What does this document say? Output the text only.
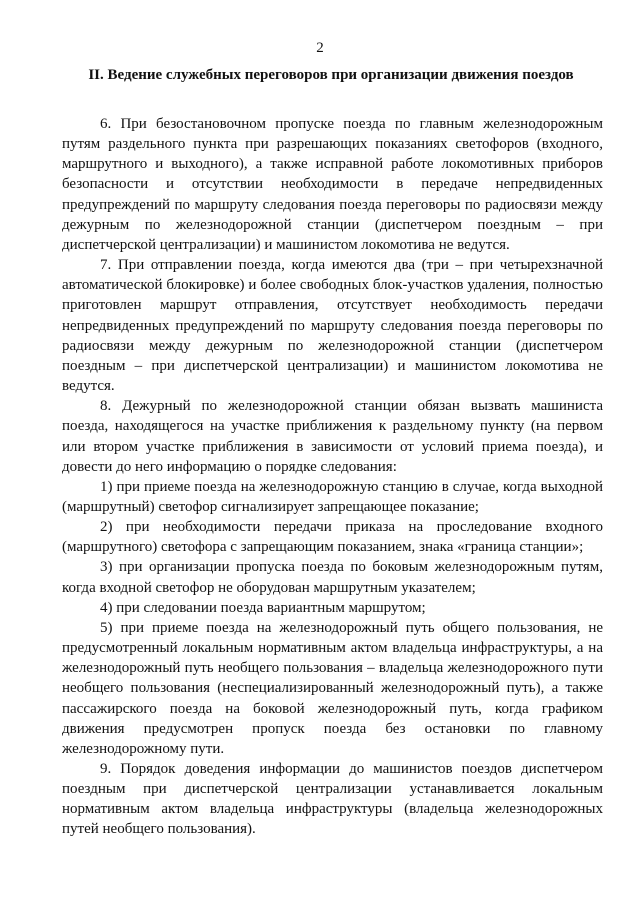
2
II. Ведение служебных переговоров при организации движения поездов

6. При безостановочном пропуске поезда по главным железнодорожным путям раздельного пункта при разрешающих показаниях светофоров (входного, маршрутного и выходного), а также исправной работе локомотивных приборов безопасности и отсутствии необходимости в передаче непредвиденных предупреждений по маршруту следования поезда переговоры по радиосвязи между дежурным по железнодорожной станции (диспетчером поездным – при диспетчерской централизации) и машинистом локомотива не ведутся.

7. При отправлении поезда, когда имеются два (три – при четырехзначной автоматической блокировке) и более свободных блок-участков удаления, полностью приготовлен маршрут отправления, отсутствует необходимость передачи непредвиденных предупреждений по маршруту следования поезда переговоры по радиосвязи между дежурным по железнодорожной станции (диспетчером поездным – при диспетчерской централизации) и машинистом локомотива не ведутся.

8. Дежурный по железнодорожной станции обязан вызвать машиниста поезда, находящегося на участке приближения к раздельному пункту (на первом или втором участке приближения в зависимости от условий приема поезда), и довести до него информацию о порядке следования:

1) при приеме поезда на железнодорожную станцию в случае, когда выходной (маршрутный) светофор сигнализирует запрещающее показание;

2) при необходимости передачи приказа на проследование входного (маршрутного) светофора с запрещающим показанием, знака «граница станции»;

3) при организации пропуска поезда по боковым железнодорожным путям, когда входной светофор не оборудован маршрутным указателем;

4) при следовании поезда вариантным маршрутом;

5) при приеме поезда на железнодорожный путь общего пользования, не предусмотренный локальным нормативным актом владельца инфраструктуры, а на железнодорожный путь необщего пользования – владельца железнодорожного пути необщего пользования (неспециализированный железнодорожный путь), а также пассажирского поезда на боковой железнодорожный путь, когда графиком движения предусмотрен пропуск поезда без остановки по главному железнодорожному пути.

9. Порядок доведения информации до машинистов поездов диспетчером поездным при диспетчерской централизации устанавливается локальным нормативным актом владельца инфраструктуры (владельца железнодорожных путей необщего пользования).
